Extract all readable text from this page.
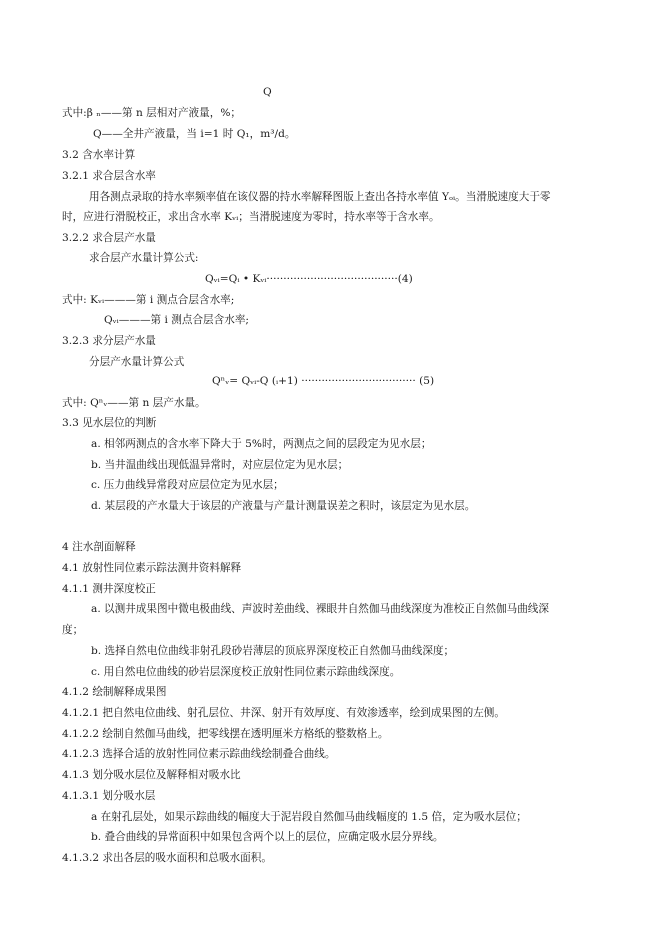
Q
式中:β ₙ——第 n 层相对产液量，%；
Q——全井产液量，当 i=1 时 Q₁，m³/d。
3.2 含水率计算
3.2.1 求合层含水率
用各测点录取的持水率频率值在该仪器的持水率解释图版上查出各持水率值 Yₒᵢ。当滑脱速度大于零
时，应进行滑脱校正，求出含水率 Kᵥᵢ；当滑脱速度为零时，持水率等于含水率。
3.2.2 求合层产水量
求合层产水量计算公式:
Qᵥᵢ=Qᵢ • Kᵥᵢ·······································(4)
式中: Kᵥᵢ———第 i 测点合层含水率;
Qᵥᵢ———第 i 测点合层含水率;
3.2.3 求分层产水量
分层产水量计算公式
Qⁿᵥ= Qᵥᵢ-Q (ᵢ+1) ·································· (5)
式中: Qⁿᵥ——第 n 层产水量。
3.3 见水层位的判断
a. 相邻两测点的含水率下降大于 5%时，两测点之间的层段定为见水层；
b. 当井温曲线出现低温异常时，对应层位定为见水层；
c. 压力曲线异常段对应层位定为见水层；
d. 某层段的产水量大于该层的产液量与产量计测量误差之积时，该层定为见水层。
4 注水剖面解释
4.1 放射性同位素示踪法测井资料解释
4.1.1 测井深度校正
a. 以测井成果图中微电极曲线、声波时差曲线、裸眼井自然伽马曲线深度为准校正自然伽马曲线深
度；
b. 选择自然电位曲线非射孔段砂岩薄层的顶底界深度校正自然伽马曲线深度；
c. 用自然电位曲线的砂岩层深度校正放射性同位素示踪曲线深度。
4.1.2 绘制解释成果图
4.1.2.1 把自然电位曲线、射孔层位、井深、射开有效厚度、有效渗透率，绘到成果图的左侧。
4.1.2.2 绘制自然伽马曲线，把零线摆在透明厘米方格纸的整数格上。
4.1.2.3 选择合适的放射性同位素示踪曲线绘制叠合曲线。
4.1.3 划分吸水层位及解释相对吸水比
4.1.3.1 划分吸水层
a 在射孔层处，如果示踪曲线的幅度大于泥岩段自然伽马曲线幅度的 1.5 倍，定为吸水层位；
b. 叠合曲线的异常面积中如果包含两个以上的层位，应确定吸水层分界线。
4.1.3.2 求出各层的吸水面积和总吸水面积。
